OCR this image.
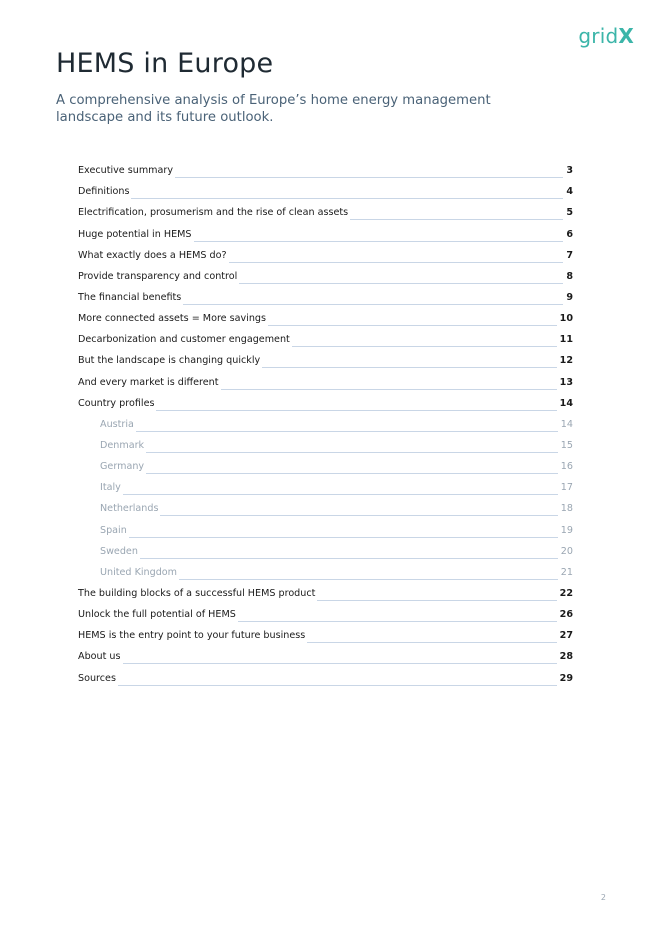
gridX
HEMS in Europe

A comprehensive analysis of Europe’s home energy management landscape and its future outlook.

Executive summary	3
Definitions	4
Electrification, prosumerism and the rise of clean assets	5
Huge potential in HEMS	6
What exactly does a HEMS do?	7
Provide transparency and control	8
The financial benefits	9
More connected assets = More savings	10
Decarbonization and customer engagement	11
But the landscape is changing quickly	12
And every market is different	13
Country profiles	14
Austria	14
Denmark	15
Germany	16
Italy	17
Netherlands	18
Spain	19
Sweden	20
United Kingdom	21
The building blocks of a successful HEMS product	22
Unlock the full potential of HEMS	26
HEMS is the entry point to your future business	27
About us	28
Sources	29
2
